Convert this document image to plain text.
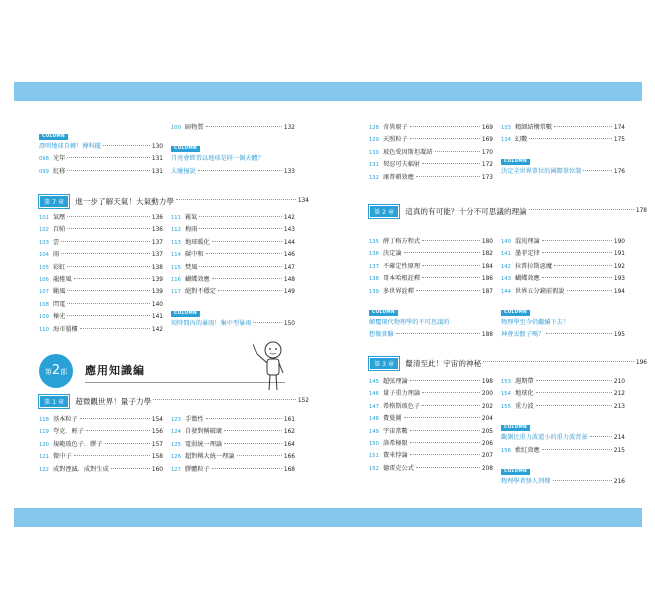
COLUMN
證明地球自轉！傅科擺	130
098 光年	131
099 紅移	131
100 暗物質	132
COLUMN
月亮會經常以地球是同一個天體？
大碰撞說	133
第 7 章	進一步了解天氣！大氣動力學	134
101 氣壓	136
102 百帕	136
103 雲	137
104 雨	137
105 彩虹	138
106 龍捲風	139
107 颱風	139
108 閃電	140
109 極光	141
110 海市蜃樓	142
111 霧氣	142
112 梅雨	143
113 地球暖化	144
114 碳中和	146
115 焚風	147
116 蝴蝶效應	148
117 絕對不穩定	149
COLUMN
短時間內的暴雨！集中型暴雨	150
第2部	應用知識編
第 1 章	超微觀世界！量子力學	152
118 基本粒子	154
119 夸克．輕子	156
120 規範玻色子．膠子	157
121 微中子	158
122 成對湮滅．成對生成	160
123 手徵性	161
124 自發對稱破壞	162
125 電弱統一理論	164
126 超對稱大統一理論	166
127 膠體粒子	168
128 奇異原子	169
129 天照粒子	169
130 玻色愛因斯坦凝結	170
131 契忍可夫輻射	172
132 康普頓效應	173
133 精細結構常數	174
134 幻數	175
COLUMN
決定全世界單位的國際單位制	176
第 2 章	這真的有可能？十分不可思議的理論	178
135 薛丁格方程式	180
136 決定論	182
137 不確定性原理	184
138 哥本哈根詮釋	186
139 多世界詮釋	187
COLUMN
顛覆現代物理學的不可思議的
想像實驗	188
140 混沌理論	190
141 墨菲定律	191
142 拉普拉斯惡魔	192
143 蝴蝶效應	193
144 世界五分鐘前假說	194
COLUMN
物理學至今仍繼續下去！
神會丟骰子嗎？	195
第 3 章	釐清至此！宇宙的神秘	196
145 超弦理論	198
146 量子重力理論	200
147 希格斯玻色子	202
148 費曼圖	204
149 宇宙常數	205
150 洛希極限	206
151 費米悖論	207
152 德雷克公式	208
153 週期帶	210
154 地球化	212
155 重力波	213
COLUMN
觀測比重力波還小的重力波背景	214
156 藍紅效應	215
COLUMN
物理學者怪人列傳	216
